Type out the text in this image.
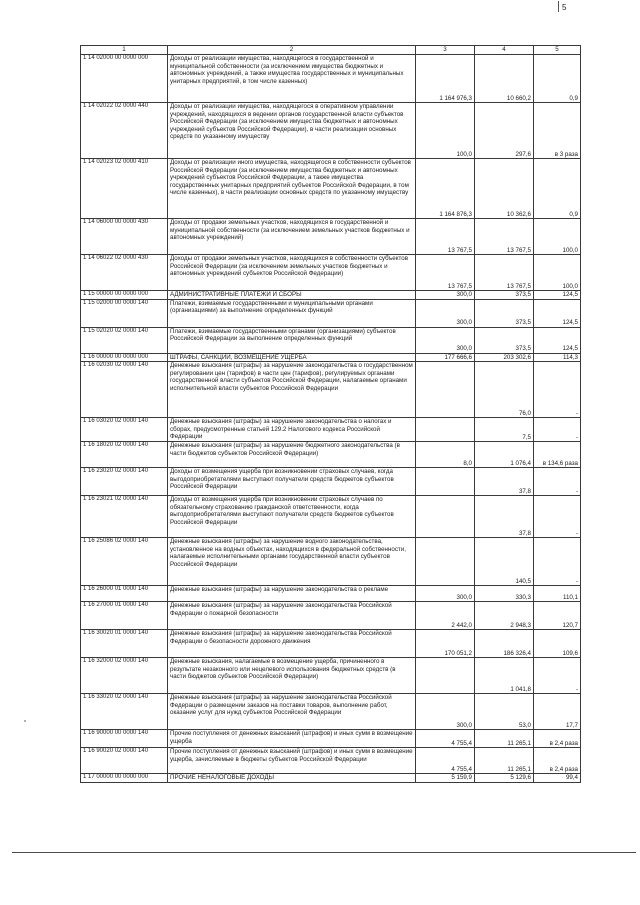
5
1	2	3	4	5
1 14 02000 00 0000 000	Доходы от реализации имущества, находящегося в государственной и муниципальной собственности (за исключением имущества бюджетных и автономных учреждений, а также имущества государственных и муниципальных унитарных предприятий, в том числе казенных)	1 164 976,3	10 660,2	0,9
1 14 02022 02 0000 440	Доходы от реализации имущества, находящегося в оперативном управлении учреждений, находящихся в ведении органов государственной власти субъектов Российской Федерации (за исключением имущества бюджетных и автономных учреждений субъектов Российской Федерации), в части реализации основных средств по указанному имуществу	100,0	297,6	в 3 раза
1 14 02023 02 0000 410	Доходы от реализации иного имущества, находящегося в собственности субъектов Российской Федерации (за исключением имущества бюджетных и автономных учреждений субъектов Российской Федерации, а также имущества государственных унитарных предприятий субъектов Российской Федерации, в том числе казенных), в части реализации основных средств по указанному имуществу	1 164 876,3	10 362,6	0,9
1 14 06000 00 0000 430	Доходы от продажи земельных участков, находящихся в государственной и муниципальной собственности (за исключением земельных участков бюджетных и автономных учреждений)	13 767,5	13 767,5	100,0
1 14 06022 02 0000 430	Доходы от продажи земельных участков, находящихся в собственности субъектов Российской Федерации (за исключением земельных участков бюджетных и автономных учреждений субъектов Российской Федерации)	13 767,5	13 767,5	100,0
1 15 00000 00 0000 000	АДМИНИСТРАТИВНЫЕ ПЛАТЕЖИ И СБОРЫ	300,0	373,5	124,5
1 15 02000 00 0000 140	Платежи, взимаемые государственными и муниципальными органами (организациями) за выполнение определенных функций	300,0	373,5	124,5
1 15 02020 02 0000 140	Платежи, взимаемые государственными органами (организациями) субъектов Российской Федерации за выполнение определенных функций	300,0	373,5	124,5
1 16 00000 00 0000 000	ШТРАФЫ, САНКЦИИ, ВОЗМЕЩЕНИЕ УЩЕРБА	177 666,6	203 302,6	114,3
1 16 02030 02 0000 140	Денежные взыскания (штрафы) за нарушение законодательства о государственном регулировании цен (тарифов) в части цен (тарифов), регулируемых органами государственной власти субъектов Российской Федерации, налагаемые органами исполнительной власти субъектов Российской Федерации		76,0	-
1 16 03020 02 0000 140	Денежные взыскания (штрафы) за нарушение законодательства о налогах и сборах, предусмотренные статьей 129.2 Налогового кодекса Российской Федерации		7,5	-
1 16 18020 02 0000 140	Денежные взыскания (штрафы) за нарушение бюджетного законодательства (в части бюджетов субъектов Российской Федерации)	8,0	1 076,4	в 134,6 раза
1 16 23020 02 0000 140	Доходы от возмещения ущерба при возникновении страховых случаев, когда выгодоприобретателями выступают получатели средств бюджетов субъектов Российской Федерации		37,8	-
1 16 23021 02 0000 140	Доходы от возмещения ущерба при возникновении страховых случаев по обязательному страхованию гражданской ответственности, когда выгодоприобретателями выступают получатели средств бюджетов субъектов Российской Федерации		37,8	-
1 16 25086 02 0000 140	Денежные взыскания (штрафы) за нарушение водного законодательства, установленное на водных объектах, находящихся в федеральной собственности, налагаемые исполнительными органами государственной власти субъектов Российской Федерации		140,5	-
1 16 26000 01 0000 140	Денежные взыскания (штрафы) за нарушение законодательства о рекламе	300,0	330,3	110,1
1 16 27000 01 0000 140	Денежные взыскания (штрафы) за нарушение законодательства Российской Федерации о пожарной безопасности	2 442,0	2 948,3	120,7
1 16 30020 01 0000 140	Денежные взыскания (штрафы) за нарушение законодательства Российской Федерации о безопасности дорожного движения	170 051,2	186 326,4	109,6
1 16 32000 02 0000 140	Денежные взыскания, налагаемые в возмещение ущерба, причиненного в результате незаконного или нецелевого использования бюджетных средств (в части бюджетов субъектов Российской Федерации)		1 041,8	-
1 16 33020 02 0000 140	Денежные взыскания (штрафы) за нарушение законодательства Российской Федерации о размещении заказов на поставки товаров, выполнение работ, оказание услуг для нужд субъектов Российской Федерации	300,0	53,0	17,7
1 16 90000 00 0000 140	Прочие поступления от денежных взысканий (штрафов) и иных сумм в возмещение ущерба	4 755,4	11 265,1	в 2,4 раза
1 16 90020 02 0000 140	Прочие поступления от денежных взысканий (штрафов) и иных сумм в возмещение ущерба, зачисляемые в бюджеты субъектов Российской Федерации	4 755,4	11 265,1	в 2,4 раза
1 17 00000 00 0000 000	ПРОЧИЕ НЕНАЛОГОВЫЕ ДОХОДЫ	5 159,9	5 129,6	99,4
